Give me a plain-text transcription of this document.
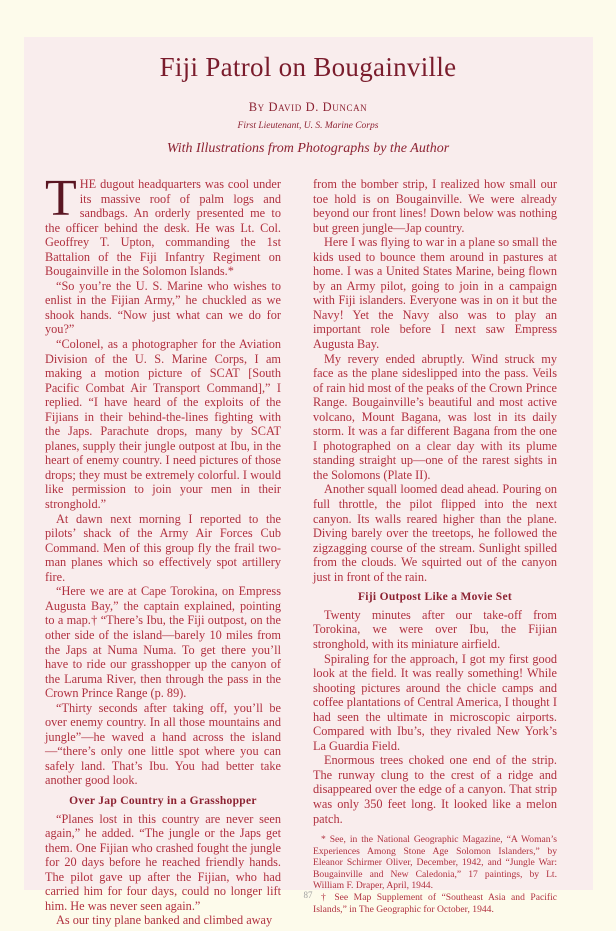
Fiji Patrol on Bougainville
By David D. Duncan
First Lieutenant, U. S. Marine Corps
With Illustrations from Photographs by the Author

THE dugout headquarters was cool under its massive roof of palm logs and sandbags. An orderly presented me to the officer behind the desk. He was Lt. Col. Geoffrey T. Upton, commanding the 1st Battalion of the Fiji Infantry Regiment on Bougainville in the Solomon Islands.*

“So you’re the U. S. Marine who wishes to enlist in the Fijian Army,” he chuckled as we shook hands. “Now just what can we do for you?”

“Colonel, as a photographer for the Aviation Division of the U. S. Marine Corps, I am making a motion picture of SCAT [South Pacific Combat Air Transport Command],” I replied. “I have heard of the exploits of the Fijians in their behind-the-lines fighting with the Japs. Parachute drops, many by SCAT planes, supply their jungle outpost at Ibu, in the heart of enemy country. I need pictures of those drops; they must be extremely colorful. I would like permission to join your men in their stronghold.”

At dawn next morning I reported to the pilots’ shack of the Army Air Forces Cub Command. Men of this group fly the frail two-man planes which so effectively spot artillery fire.

“Here we are at Cape Torokina, on Empress Augusta Bay,” the captain explained, pointing to a map.† “There’s Ibu, the Fiji outpost, on the other side of the island—barely 10 miles from the Japs at Numa Numa. To get there you’ll have to ride our grasshopper up the canyon of the Laruma River, then through the pass in the Crown Prince Range (p. 89).

“Thirty seconds after taking off, you’ll be over enemy country. In all those mountains and jungle”—he waved a hand across the island—“there’s only one little spot where you can safely land. That’s Ibu. You had better take another good look.

Over Jap Country in a Grasshopper

“Planes lost in this country are never seen again,” he added. “The jungle or the Japs get them. One Fijian who crashed fought the jungle for 20 days before he reached friendly hands. The pilot gave up after the Fijian, who had carried him for four days, could no longer lift him. He was never seen again.”

As our tiny plane banked and climbed away

from the bomber strip, I realized how small our toe hold is on Bougainville. We were already beyond our front lines! Down below was nothing but green jungle—Jap country.

Here I was flying to war in a plane so small the kids used to bounce them around in pastures at home. I was a United States Marine, being flown by an Army pilot, going to join in a campaign with Fiji islanders. Everyone was in on it but the Navy! Yet the Navy also was to play an important role before I next saw Empress Augusta Bay.

My revery ended abruptly. Wind struck my face as the plane sideslipped into the pass. Veils of rain hid most of the peaks of the Crown Prince Range. Bougainville’s beautiful and most active volcano, Mount Bagana, was lost in its daily storm. It was a far different Bagana from the one I photographed on a clear day with its plume standing straight up—one of the rarest sights in the Solomons (Plate II).

Another squall loomed dead ahead. Pouring on full throttle, the pilot flipped into the next canyon. Its walls reared higher than the plane. Diving barely over the treetops, he followed the zigzagging course of the stream. Sunlight spilled from the clouds. We squirted out of the canyon just in front of the rain.

Fiji Outpost Like a Movie Set

Twenty minutes after our take-off from Torokina, we were over Ibu, the Fijian stronghold, with its miniature airfield.

Spiraling for the approach, I got my first good look at the field. It was really something! While shooting pictures around the chicle camps and coffee plantations of Central America, I thought I had seen the ultimate in microscopic airports. Compared with Ibu’s, they rivaled New York’s La Guardia Field.

Enormous trees choked one end of the strip. The runway clung to the crest of a ridge and disappeared over the edge of a canyon. That strip was only 350 feet long. It looked like a melon patch.

* See, in the National Geographic Magazine, “A Woman’s Experiences Among Stone Age Solomon Islanders,” by Eleanor Schirmer Oliver, December, 1942, and “Jungle War: Bougainville and New Caledonia,” 17 paintings, by Lt. William F. Draper, April, 1944.

† See Map Supplement of “Southeast Asia and Pacific Islands,” in The Geographic for October, 1944.

87
